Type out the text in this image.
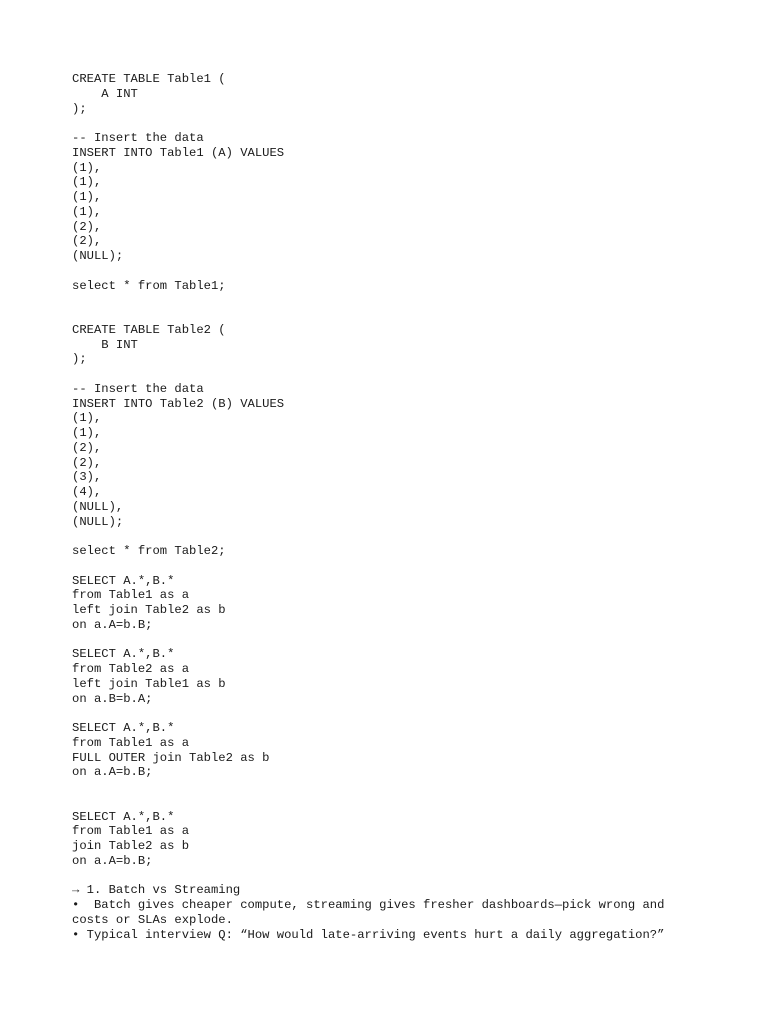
CREATE TABLE Table1 (
A INT
);
-- Insert the data
INSERT INTO Table1 (A) VALUES
(1),
(1),
(1),
(1),
(2),
(2),
(NULL);
select * from Table1;
CREATE TABLE Table2 (
B INT
);
-- Insert the data
INSERT INTO Table2 (B) VALUES
(1),
(1),
(2),
(2),
(3),
(4),
(NULL),
(NULL);
select * from Table2;
SELECT A.*,B.*
from Table1 as a
left join Table2 as b
on a.A=b.B;
SELECT A.*,B.*
from Table2 as a
left join Table1 as b
on a.B=b.A;
SELECT A.*,B.*
from Table1 as a
FULL OUTER join Table2 as b
on a.A=b.B;
SELECT A.*,B.*
from Table1 as a
join Table2 as b
on a.A=b.B;
→ 1. Batch vs Streaming
•  Batch gives cheaper compute, streaming gives fresher dashboards—pick wrong and
costs or SLAs explode.
• Typical interview Q: “How would late-arriving events hurt a daily aggregation?”
